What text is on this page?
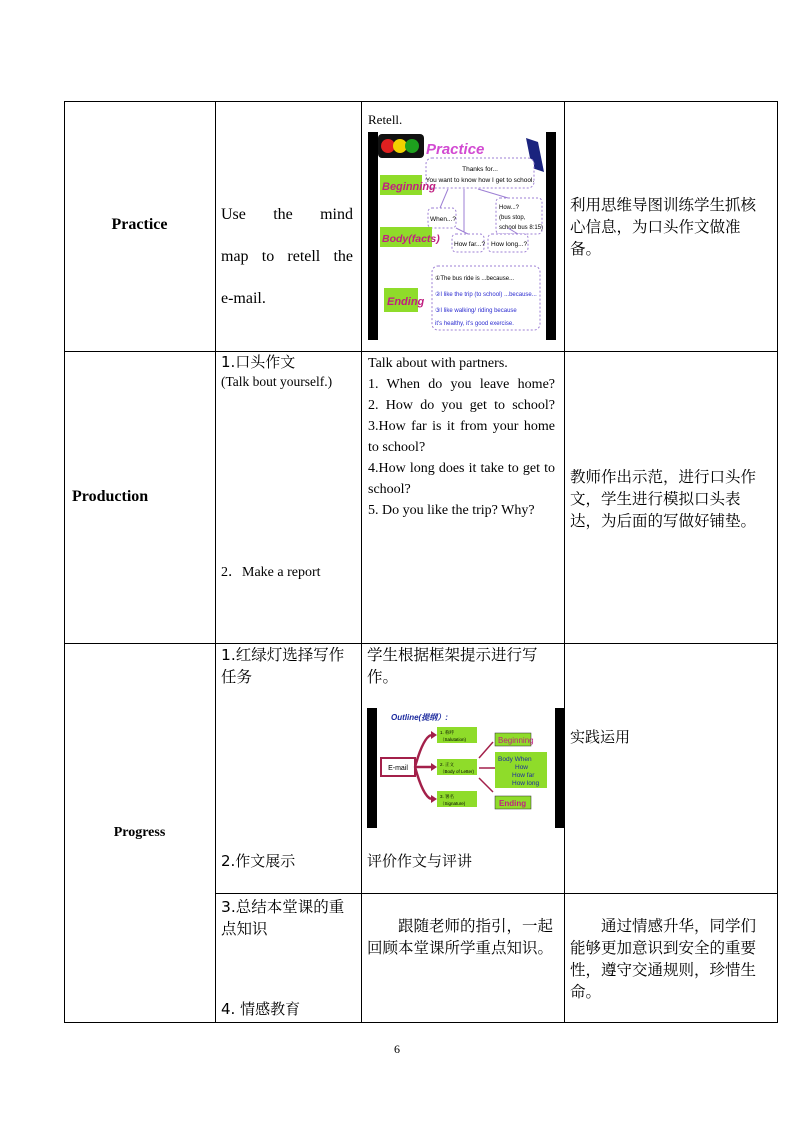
Practice
Use the mind
map to retell the
e-mail.
Retell.
Practice
Thanks for...
You want to know how I get to school.
Beginning
When...?
How...?
(bus stop,
school bus 8:15)
Body(facts) How far...? How long...?
①The bus ride is ...because...
②I like the trip (to school) ...because...
③I like walking/ riding because
it's healthy, it's good exercise.
Ending
利用思维导图训练学生抓核心信息，为口头作文做准备。
Production
1.口头作文
(Talk bout yourself.)
2．Make a report
Talk about with partners.
1. When do you leave home?
2. How do you get to school?
3.How far is it from your home to school?
4.How long does it take to get to school?
5. Do you like the trip? Why?
教师作出示范，进行口头作文，学生进行模拟口头表达，为后面的写做好铺垫。
Progress
1.红绿灯选择写作任务
2.作文展示
学生根据框架提示进行写作。
Outline(提纲）:
E-mail
1. 称呼
（Salutation)
2. 正文
（Body of Letter)
3. 署名
（Signature)
Beginning
Body When
How
How far
How long
Ending
评价作文与评讲
实践运用
3.总结本堂课的重点知识
4. 情感教育
跟随老师的指引，一起回顾本堂课所学重点知识。
通过情感升华，同学们能够更加意识到安全的重要性，遵守交通规则，珍惜生命。
6
